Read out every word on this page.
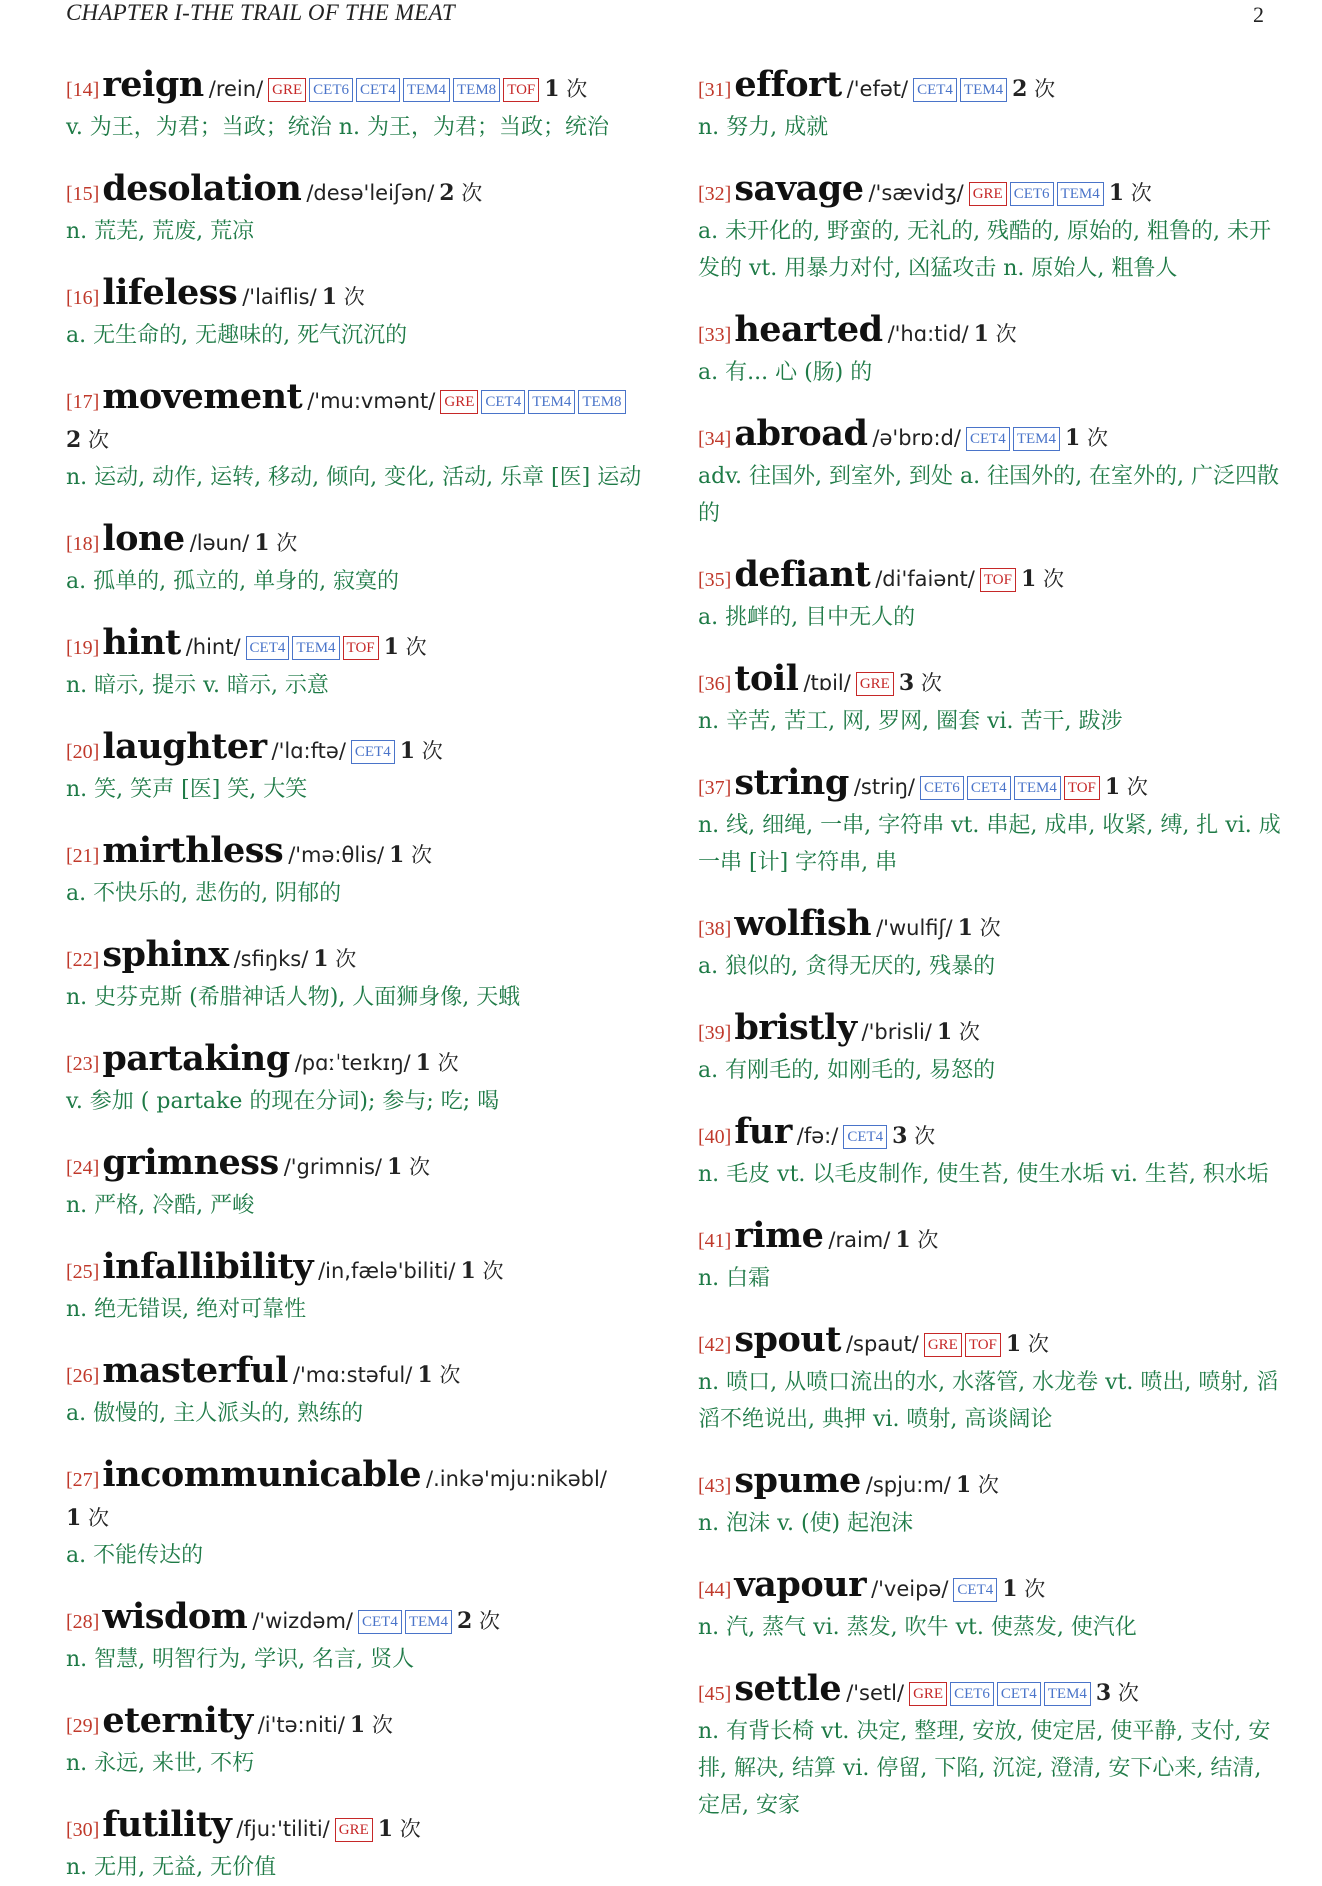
CHAPTER I-THE TRAIL OF THE MEAT	2
[14] reign /rein/ GRE CET6 CET4 TEM4 TEM8 TOF 1 次
v. 为王，为君；当政；统治 n. 为王，为君；当政；统治
[15] desolation /desə'leiʃən/ 2 次
n. 荒芜, 荒废, 荒凉
[16] lifeless /'laiflis/ 1 次
a. 无生命的, 无趣味的, 死气沉沉的
[17] movement /'mu:vmənt/ GRE CET4 TEM4 TEM8
2 次
n. 运动, 动作, 运转, 移动, 倾向, 变化, 活动, 乐章 [医] 运动
[18] lone /ləun/ 1 次
a. 孤单的, 孤立的, 单身的, 寂寞的
[19] hint /hint/ CET4 TEM4 TOF 1 次
n. 暗示, 提示 v. 暗示, 示意
[20] laughter /'lɑ:ftə/ CET4 1 次
n. 笑, 笑声 [医] 笑, 大笑
[21] mirthless /'mə:θlis/ 1 次
a. 不快乐的, 悲伤的, 阴郁的
[22] sphinx /sfiŋks/ 1 次
n. 史芬克斯 (希腊神话人物), 人面狮身像, 天蛾
[23] partaking /pɑːˈteɪkɪŋ/ 1 次
v. 参加 ( partake 的现在分词); 参与; 吃; 喝
[24] grimness /'grimnis/ 1 次
n. 严格, 冷酷, 严峻
[25] infallibility /in,fælə'biliti/ 1 次
n. 绝无错误, 绝对可靠性
[26] masterful /'mɑ:stəful/ 1 次
a. 傲慢的, 主人派头的, 熟练的
[27] incommunicable /.inkə'mju:nikəbl/
1 次
a. 不能传达的
[28] wisdom /'wizdəm/ CET4 TEM4 2 次
n. 智慧, 明智行为, 学识, 名言, 贤人
[29] eternity /i'tə:niti/ 1 次
n. 永远, 来世, 不朽
[30] futility /fju:'tiliti/ GRE 1 次
n. 无用, 无益, 无价值
[31] effort /'efət/ CET4 TEM4 2 次
n. 努力, 成就
[32] savage /'sævidʒ/ GRE CET6 TEM4 1 次
a. 未开化的, 野蛮的, 无礼的, 残酷的, 原始的, 粗鲁的, 未开发的 vt. 用暴力对付, 凶猛攻击 n. 原始人, 粗鲁人
[33] hearted /'hɑ:tid/ 1 次
a. 有... 心 (肠) 的
[34] abroad /ə'brɒ:d/ CET4 TEM4 1 次
adv. 往国外, 到室外, 到处 a. 往国外的, 在室外的, 广泛四散的
[35] defiant /di'faiənt/ TOF 1 次
a. 挑衅的, 目中无人的
[36] toil /tɒil/ GRE 3 次
n. 辛苦, 苦工, 网, 罗网, 圈套 vi. 苦干, 跋涉
[37] string /striŋ/ CET6 CET4 TEM4 TOF 1 次
n. 线, 细绳, 一串, 字符串 vt. 串起, 成串, 收紧, 缚, 扎 vi. 成一串 [计] 字符串, 串
[38] wolfish /'wulfiʃ/ 1 次
a. 狼似的, 贪得无厌的, 残暴的
[39] bristly /'brisli/ 1 次
a. 有刚毛的, 如刚毛的, 易怒的
[40] fur /fə:/ CET4 3 次
n. 毛皮 vt. 以毛皮制作, 使生苔, 使生水垢 vi. 生苔, 积水垢
[41] rime /raim/ 1 次
n. 白霜
[42] spout /spaut/ GRE TOF 1 次
n. 喷口, 从喷口流出的水, 水落管, 水龙卷 vt. 喷出, 喷射, 滔滔不绝说出, 典押 vi. 喷射, 高谈阔论
[43] spume /spju:m/ 1 次
n. 泡沫 v. (使) 起泡沫
[44] vapour /'veipə/ CET4 1 次
n. 汽, 蒸气 vi. 蒸发, 吹牛 vt. 使蒸发, 使汽化
[45] settle /'setl/ GRE CET6 CET4 TEM4 3 次
n. 有背长椅 vt. 决定, 整理, 安放, 使定居, 使平静, 支付, 安排, 解决, 结算 vi. 停留, 下陷, 沉淀, 澄清, 安下心来, 结清, 定居, 安家
